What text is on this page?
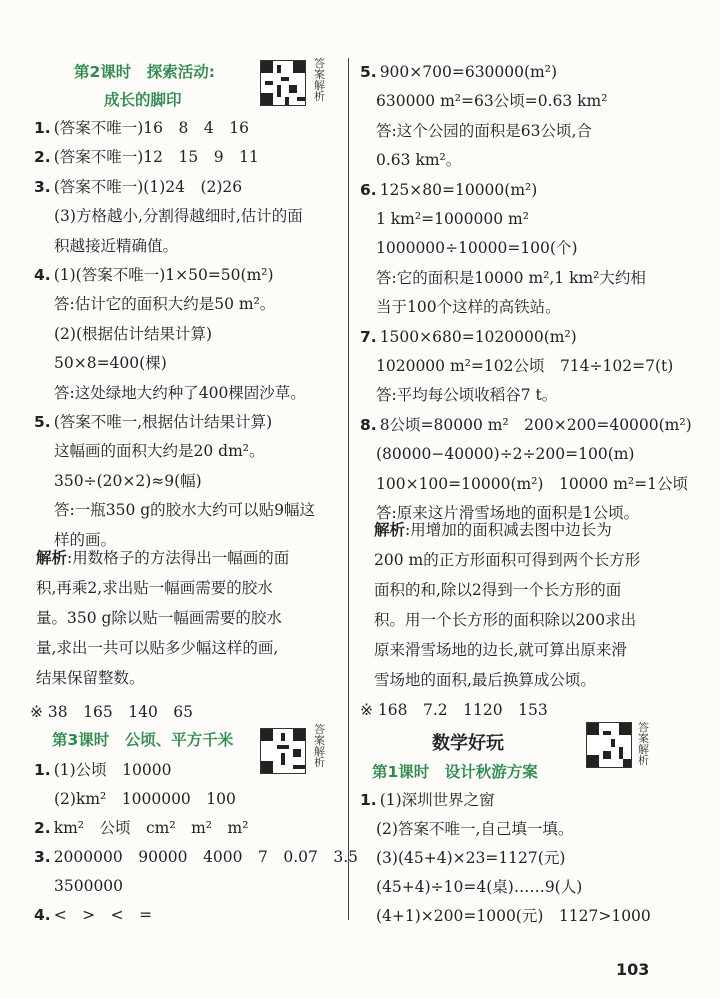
第2课时　探索活动:
成长的脚印
答案解析
1. (答案不唯一)16　8　4　16
2. (答案不唯一)12　15　9　11
3. (答案不唯一)(1)24　(2)26
(3)方格越小,分割得越细时,估计的面
积越接近精确值。
4. (1)(答案不唯一)1×50=50(m²)
答:估计它的面积大约是50 m²。
(2)(根据估计结果计算)
50×8=400(棵)
答:这处绿地大约种了400棵固沙草。
5. (答案不唯一,根据估计结果计算)
这幅画的面积大约是20 dm²。
350÷(20×2)≈9(幅)
答:一瓶350 g的胶水大约可以贴9幅这
样的画。
解析:用数格子的方法得出一幅画的面
积,再乘2,求出贴一幅画需要的胶水
量。350 g除以贴一幅画需要的胶水
量,求出一共可以贴多少幅这样的画,
结果保留整数。
※ 38　165　140　65
第3课时　公顷、平方千米
答案解析
1. (1)公顷　10000
(2)km²　1000000　100
2. km²　公顷　cm²　m²　m²
3. 2000000　90000　4000　7　0.07　3.5
3500000
4. <　>　<　=
5. 900×700=630000(m²)
630000 m²=63公顷=0.63 km²
答:这个公园的面积是63公顷,合
0.63 km²。
6. 125×80=10000(m²)
1 km²=1000000 m²
1000000÷10000=100(个)
答:它的面积是10000 m²,1 km²大约相
当于100个这样的高铁站。
7. 1500×680=1020000(m²)
1020000 m²=102公顷　714÷102=7(t)
答:平均每公顷收稻谷7 t。
8. 8公顷=80000 m²　200×200=40000(m²)
(80000−40000)÷2÷200=100(m)
100×100=10000(m²)　10000 m²=1公顷
答:原来这片滑雪场地的面积是1公顷。
解析:用增加的面积减去图中边长为
200 m的正方形面积可得到两个长方形
面积的和,除以2得到一个长方形的面
积。用一个长方形的面积除以200求出
原来滑雪场地的边长,就可算出原来滑
雪场地的面积,最后换算成公顷。
※ 168　7.2　1120　153
数学好玩
第1课时　设计秋游方案
答案解析
1. (1)深圳世界之窗
(2)答案不唯一,自己填一填。
(3)(45+4)×23=1127(元)
(45+4)÷10=4(桌)……9(人)
(4+1)×200=1000(元)　1127>1000
103
